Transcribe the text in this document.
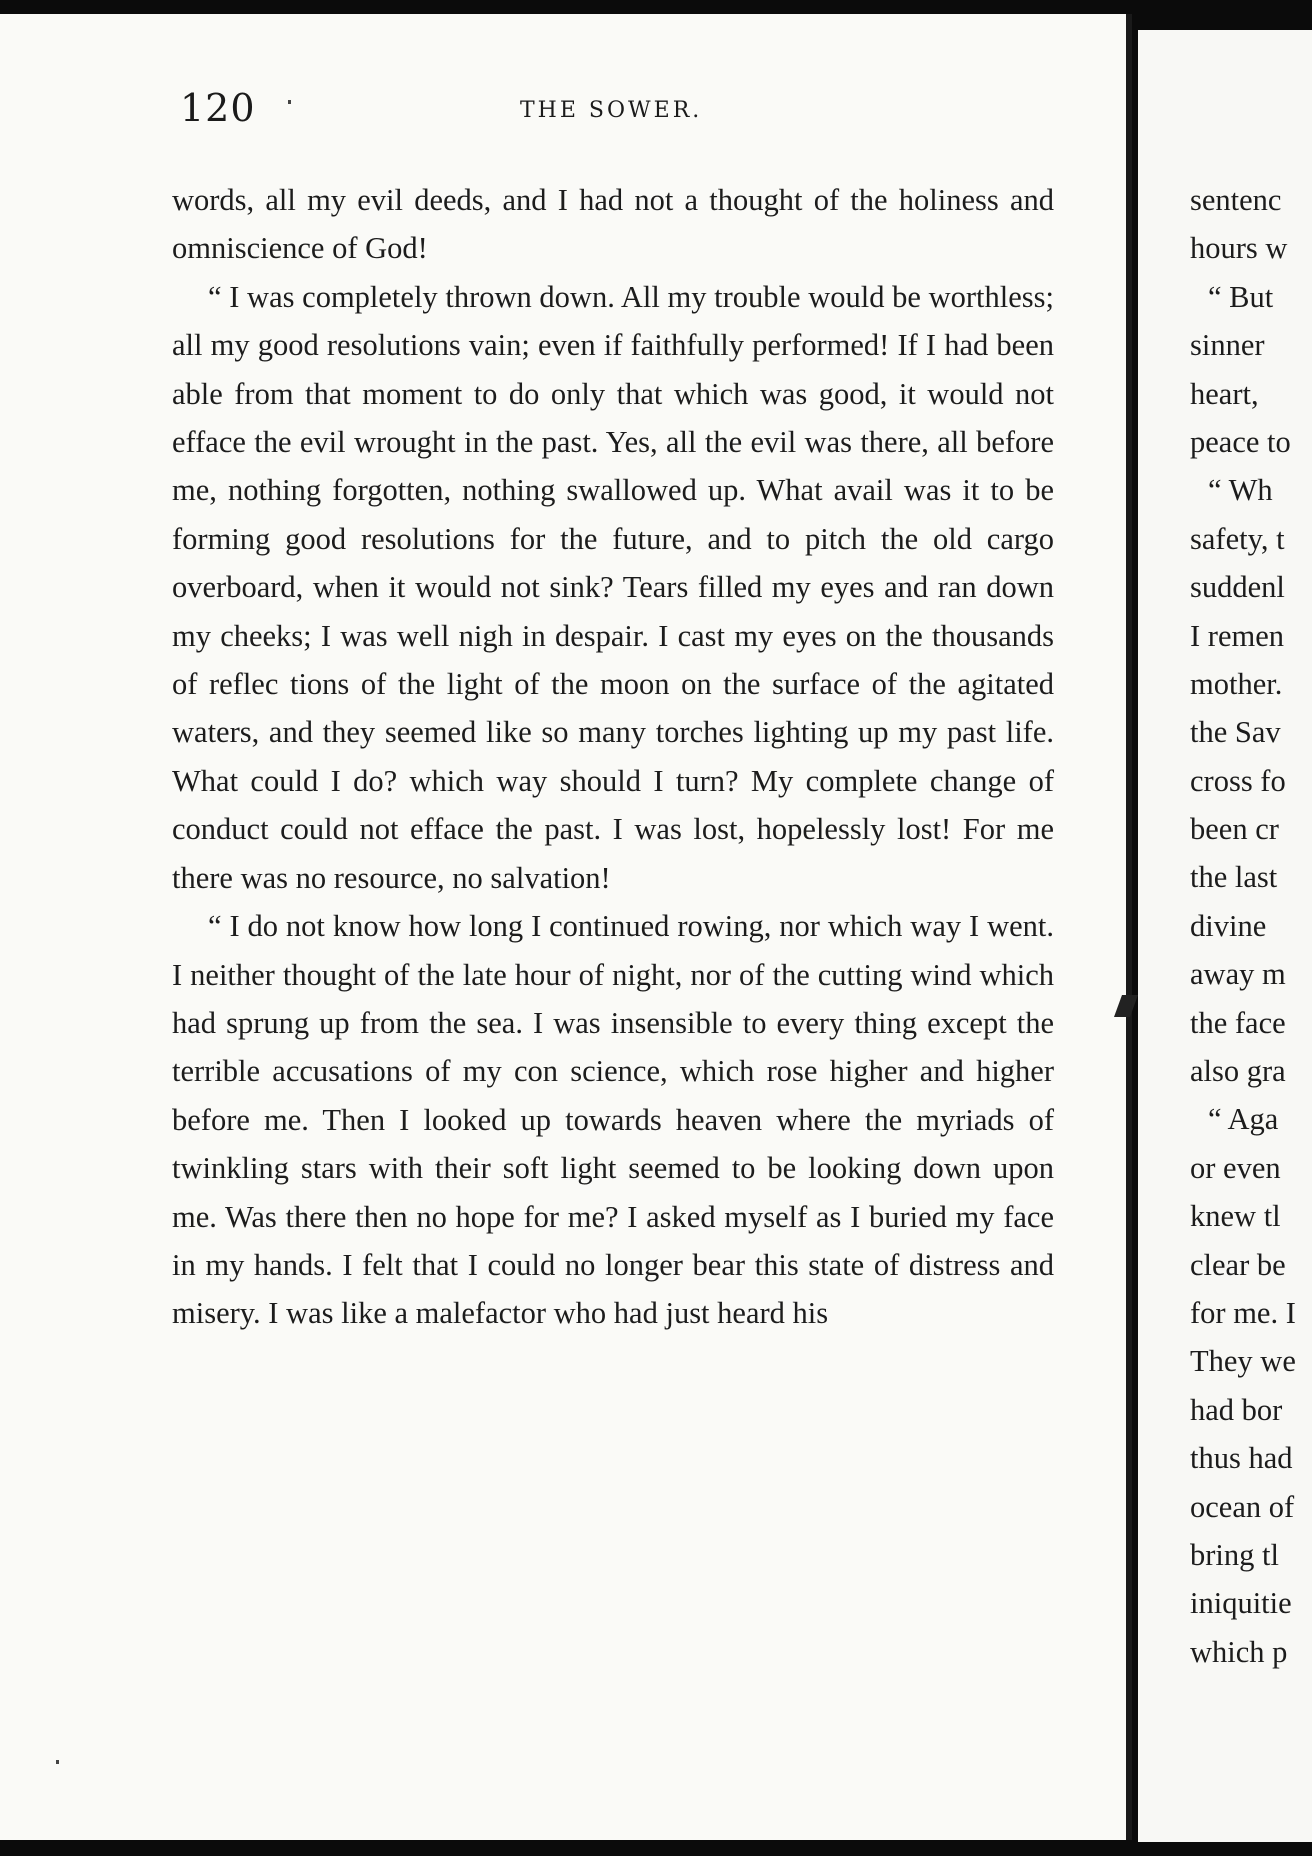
120	THE SOWER.

words, all my evil deeds, and I had not a thought of the holiness and omniscience of God!

“ I was completely thrown down. All my trouble would be worthless; all my good resolutions vain; even if faithfully performed! If I had been able from that moment to do only that which was good, it would not efface the evil wrought in the past. Yes, all the evil was there, all before me, nothing forgotten, nothing swallowed up. What avail was it to be forming good resolutions for the future, and to pitch the old cargo overboard, when it would not sink? Tears filled my eyes and ran down my cheeks; I was well nigh in despair. I cast my eyes on the thousands of reflec tions of the light of the moon on the surface of the agitated waters, and they seemed like so many torches lighting up my past life. What could I do? which way should I turn? My complete change of conduct could not efface the past. I was lost, hopelessly lost! For me there was no resource, no salvation!

“ I do not know how long I continued rowing, nor which way I went. I neither thought of the late hour of night, nor of the cutting wind which had sprung up from the sea. I was insensible to every thing except the terrible accusations of my con science, which rose higher and higher before me. Then I looked up towards heaven where the myriads of twinkling stars with their soft light seemed to be looking down upon me. Was there then no hope for me? I asked myself as I buried my face in my hands. I felt that I could no longer bear this state of distress and misery. I was like a malefactor who had just heard his

sentenc
hours w
“ But
sinner
heart,
peace to
“ Wh
safety, t
suddenl
I remen
mother.
the Sav
cross fo
been cr
the last
divine
away m
the face
also gra
“ Aga
or even
knew tl
clear be
for me. I
They we
had bor
thus had
ocean of
bring tl
iniquitie
which p
